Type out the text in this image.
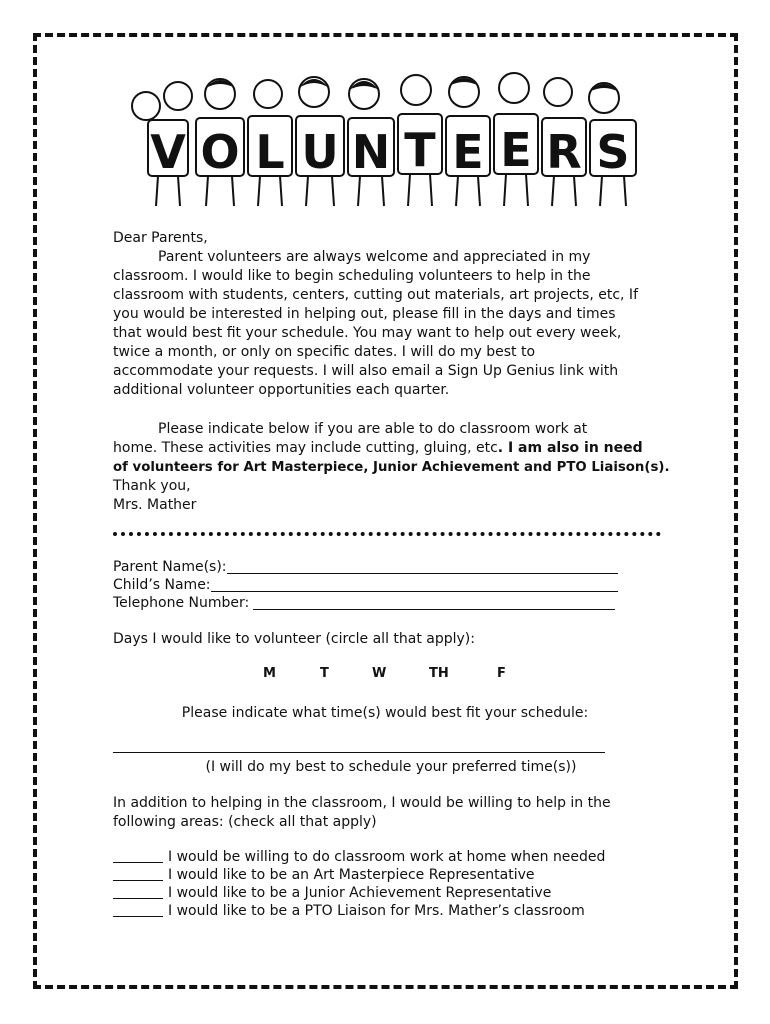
V O L U N T E E R S
Dear Parents,
Parent volunteers are always welcome and appreciated in my
classroom. I would like to begin scheduling volunteers to help in the
classroom with students, centers, cutting out materials, art projects, etc, If
you would be interested in helping out, please fill in the days and times
that would best fit your schedule. You may want to help out every week,
twice a month, or only on specific dates. I will do my best to
accommodate your requests. I will also email a Sign Up Genius link with
additional volunteer opportunities each quarter.
Please indicate below if you are able to do classroom work at
home. These activities may include cutting, gluing, etc. I am also in need
of volunteers for Art Masterpiece, Junior Achievement and PTO Liaison(s).
Thank you,
Mrs. Mather
Parent Name(s):
Child’s Name:
Telephone Number:
Days I would like to volunteer (circle all that apply):
M	T	W	TH	F
Please indicate what time(s) would best fit your schedule:
(I will do my best to schedule your preferred time(s))
In addition to helping in the classroom, I would be willing to help in the
following areas: (check all that apply)
I would be willing to do classroom work at home when needed
I would like to be an Art Masterpiece Representative
I would like to be a Junior Achievement Representative
I would like to be a PTO Liaison for Mrs. Mather’s classroom
